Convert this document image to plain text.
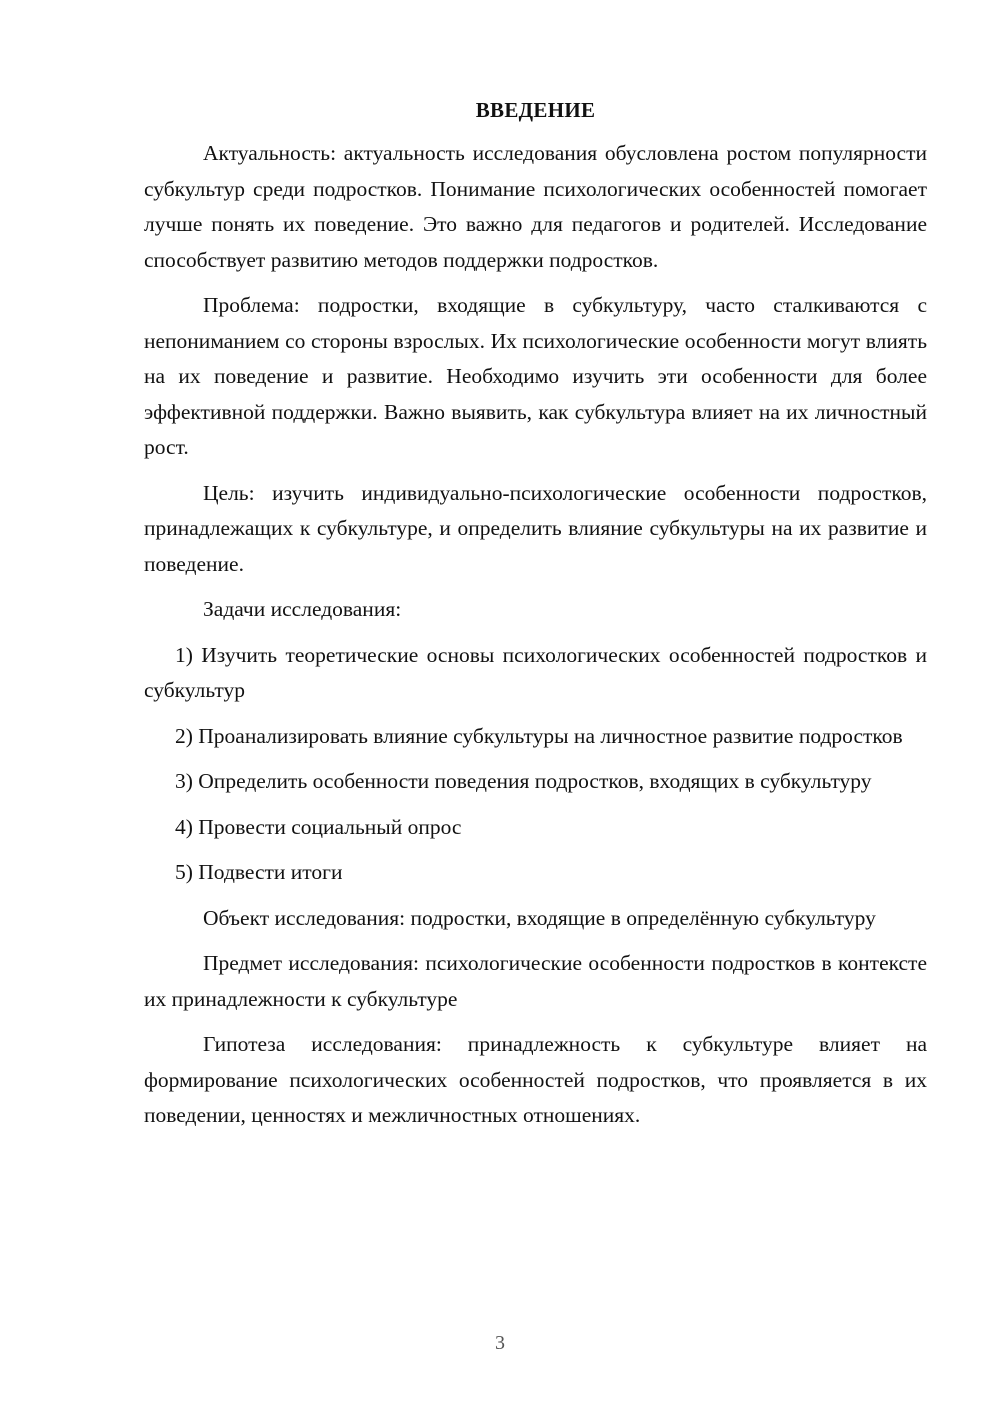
ВВЕДЕНИЕ

Актуальность: актуальность исследования обусловлена ростом популярности субкультур среди подростков. Понимание психологических особенностей помогает лучше понять их поведение. Это важно для педагогов и родителей. Исследование способствует развитию методов поддержки подростков.

Проблема: подростки, входящие в субкультуру, часто сталкиваются с непониманием со стороны взрослых. Их психологические особенности могут влиять на их поведение и развитие. Необходимо изучить эти особенности для более эффективной поддержки. Важно выявить, как субкультура влияет на их личностный рост.

Цель: изучить индивидуально-психологические особенности подростков, принадлежащих к субкультуре, и определить влияние субкультуры на их развитие и поведение.

Задачи исследования:

1) Изучить теоретические основы психологических особенностей подростков и субкультур

2) Проанализировать влияние субкультуры на личностное развитие подростков

3) Определить особенности поведения подростков, входящих в субкультуру

4) Провести социальный опрос

5) Подвести итоги

Объект исследования: подростки, входящие в определённую субкультуру

Предмет исследования: психологические особенности подростков в контексте их принадлежности к субкультуре

Гипотеза исследования: принадлежность к субкультуре влияет на формирование психологических особенностей подростков, что проявляется в их поведении, ценностях и межличностных отношениях.

3
